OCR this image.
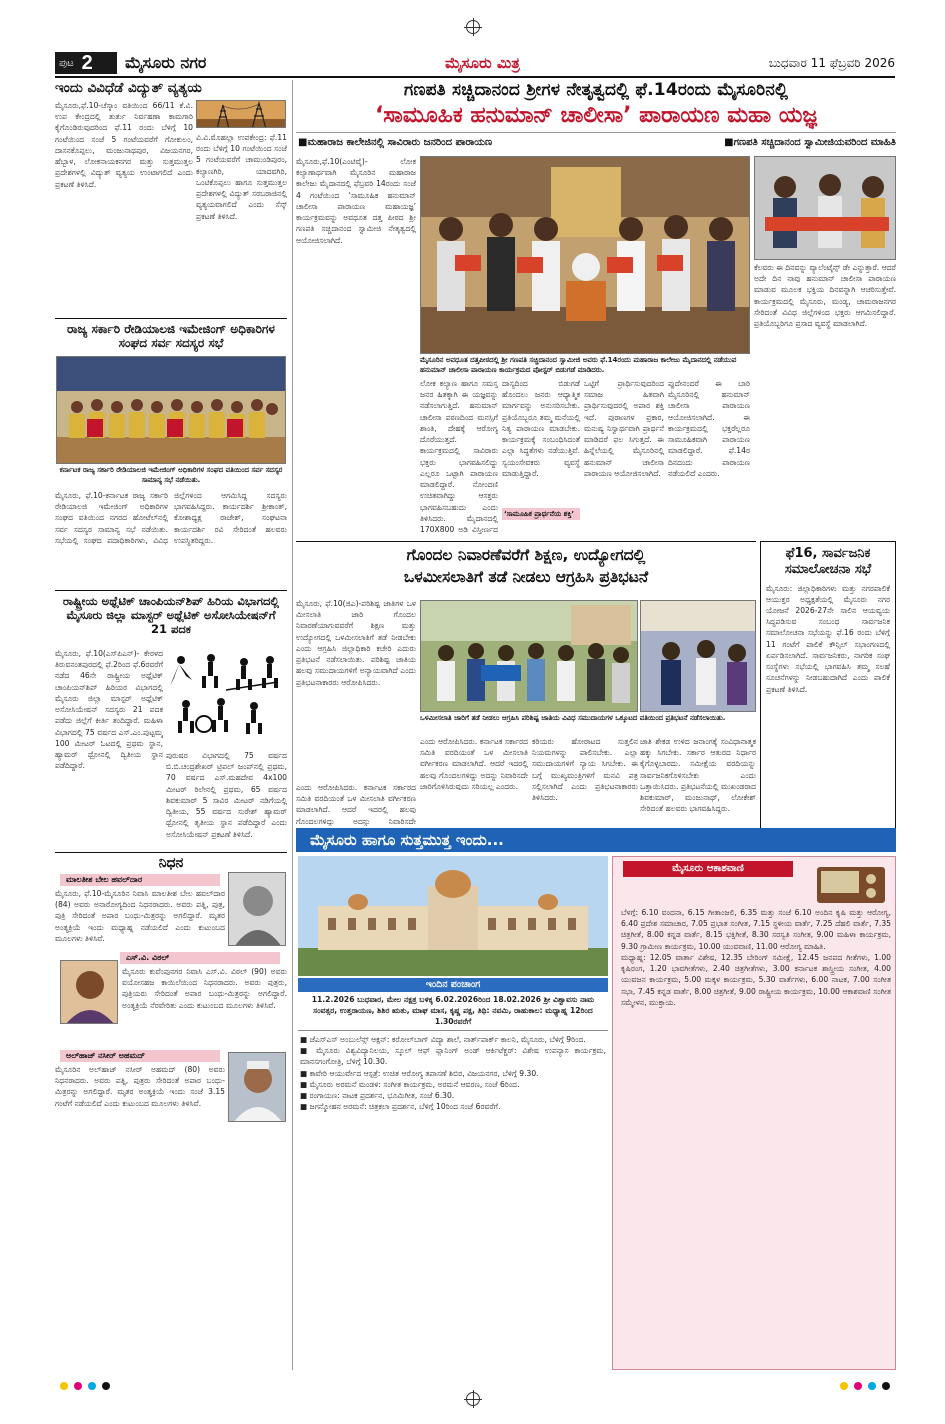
ಪುಟ 2 ಮೈಸೂರು ನಗರ	ಮೈಸೂರು ಮಿತ್ರ	ಬುಧವಾರ 11 ಫೆಬ್ರವರಿ 2026
ಇಂದು ವಿವಿಧೆಡೆ ವಿದ್ಯುತ್ ವ್ಯತ್ಯಯ
ಮೈಸೂರು,ಫೆ.10-ಚೆಸ್ಕಾಂ ವತಿಯಿಂದ 66/11 ಕೆ.ವಿ. ಉಪ ಕೇಂದ್ರದಲ್ಲಿ ತುರ್ತು ನಿರ್ವಹಣಾ ಕಾಮಗಾರಿ ಕೈಗೊಂಡಿರುವುದರಿಂದ ಫೆ.11 ರಂದು ಬೆಳಿಗ್ಗೆ 10 ಗಂಟೆಯಿಂದ ಸಂಜೆ 5 ಗಂಟೆಯವರೆಗೆ ಗೋಕುಲಂ, ದಾಸನಕೊಪ್ಪಲು, ಮಂಜುನಾಥಪುರ, ವಿಜಯನಗರ, ಹೆಬ್ಬಾಳ, ಲೋಕನಾಯಕನಗರ ಮತ್ತು ಸುತ್ತಮುತ್ತಲ ಪ್ರದೇಶಗಳಲ್ಲಿ ವಿದ್ಯುತ್ ವ್ಯತ್ಯಯ ಉಂಟಾಗಲಿದೆ ಎಂದು ಪ್ರಕಟಣೆ ತಿಳಿಸಿದೆ.
ವಿ.ವಿ.ಮೊಹಲ್ಲಾ ಉಪಕೇಂದ್ರ: ಫೆ.11 ರಂದು ಬೆಳಿಗ್ಗೆ 10 ಗಂಟೆಯಿಂದ ಸಂಜೆ 5 ಗಂಟೆಯವರೆಗೆ ಚಾಮುಂಡಿಪುರಂ, ಕಲ್ಯಾಣಗಿರಿ, ಯಾದವಗಿರಿ, ಒಂಟಿಕೊಪ್ಪಲು ಹಾಗೂ ಸುತ್ತಮುತ್ತಲ ಪ್ರದೇಶಗಳಲ್ಲಿ ವಿದ್ಯುತ್ ಸರಬರಾಜಿನಲ್ಲಿ ವ್ಯತ್ಯಯವಾಗಲಿದೆ ಎಂದು ಸೆಸ್ಕ್ ಪ್ರಕಟಣೆ ತಿಳಿಸಿದೆ.
ರಾಜ್ಯ ಸರ್ಕಾರಿ ರೇಡಿಯಾಲಜಿ ಇಮೇಜಿಂಗ್ ಅಧಿಕಾರಿಗಳ ಸಂಘದ ಸರ್ವ ಸದಸ್ಯರ ಸಭೆ
ಕರ್ನಾಟಕ ರಾಜ್ಯ ಸರ್ಕಾರಿ ರೇಡಿಯಾಲಜಿ ಇಮೇಜಿಂಗ್ ಅಧಿಕಾರಿಗಳ ಸಂಘದ ವತಿಯಿಂದ ಸರ್ವ ಸದಸ್ಯರ ಸಾಮಾನ್ಯ ಸಭೆ ನಡೆಯಿತು.
ಮೈಸೂರು, ಫೆ.10-ಕರ್ನಾಟಕ ರಾಜ್ಯ ಸರ್ಕಾರಿ ರೇಡಿಯಾಲಜಿ ಇಮೇಜಿಂಗ್ ಅಧಿಕಾರಿಗಳ ಸಂಘದ ವತಿಯಿಂದ ನಗರದ ಹೋಟೆಲ್‌ನಲ್ಲಿ ಸರ್ವ ಸದಸ್ಯರ ಸಾಮಾನ್ಯ ಸಭೆ ನಡೆಯಿತು. ಸಭೆಯಲ್ಲಿ ಸಂಘದ ಪದಾಧಿಕಾರಿಗಳು, ವಿವಿಧ ಜಿಲ್ಲೆಗಳಿಂದ ಆಗಮಿಸಿದ್ದ ಸದಸ್ಯರು ಭಾಗವಹಿಸಿದ್ದರು. ಕಾರ್ಯದರ್ಶಿ ಶ್ರೀಕಾಂತ್, ಕೋಶಾಧ್ಯಕ್ಷ ರಾಜೇಶ್, ಸಂಘಟನಾ ಕಾರ್ಯದರ್ಶಿ ರವಿ ಸೇರಿದಂತೆ ಹಲವರು ಉಪಸ್ಥಿತರಿದ್ದರು.
ರಾಷ್ಟ್ರೀಯ ಅಥ್ಲೆಟಿಕ್ ಚಾಂಪಿಯನ್‌ಶಿಪ್ ಹಿರಿಯ ವಿಭಾಗದಲ್ಲಿ ಮೈಸೂರು ಜಿಲ್ಲಾ ಮಾಸ್ಟರ್ ಅಥ್ಲೆಟಿಕ್ ಅಸೋಸಿಯೇಷನ್‌ಗೆ 21 ಪದಕ
ಮೈಸೂರು, ಫೆ.10(ಎಸ್‌ಪಿಎನ್)- ಕೇರಳದ ತಿರುವನಂತಪುರದಲ್ಲಿ ಫೆ.2ರಿಂದ ಫೆ.6ರವರೆಗೆ ನಡೆದ 46ನೇ ರಾಷ್ಟ್ರೀಯ ಅಥ್ಲೆಟಿಕ್ ಚಾಂಪಿಯನ್‌ಶಿಪ್ ಹಿರಿಯರ ವಿಭಾಗದಲ್ಲಿ ಮೈಸೂರು ಜಿಲ್ಲಾ ಮಾಸ್ಟರ್ ಅಥ್ಲೆಟಿಕ್ ಅಸೋಸಿಯೇಷನ್ ಸದಸ್ಯರು 21 ಪದಕ ಪಡೆದು ಜಿಲ್ಲೆಗೆ ಕೀರ್ತಿ ತಂದಿದ್ದಾರೆ. ಮಹಿಳಾ ವಿಭಾಗದಲ್ಲಿ 75 ವರ್ಷದ ಎಸ್.ಎಂ.ಪುಟ್ಟಮ್ಮ 100 ಮೀಟರ್ ಓಟದಲ್ಲಿ ಪ್ರಥಮ ಸ್ಥಾನ, ಹ್ಯಾಮರ್ ಥ್ರೋನಲ್ಲಿ ದ್ವಿತೀಯ ಸ್ಥಾನ ಪಡೆದಿದ್ದಾರೆ.
ಪುರುಷರ ವಿಭಾಗದಲ್ಲಿ 75 ವರ್ಷದ ಬಿ.ಬಿ.ಚಂದ್ರಶೇಖರ್ ಟ್ರಿಪಲ್ ಜಂಪ್‌ನಲ್ಲಿ ಪ್ರಥಮ, 70 ವರ್ಷದ ಎಸ್.ಮಹದೇವ 4x100 ಮೀಟರ್ ರಿಲೇನಲ್ಲಿ ಪ್ರಥಮ, 65 ವರ್ಷದ ಶಿವಕುಮಾರ್ 5 ಸಾವಿರ ಮೀಟರ್ ನಡಿಗೆಯಲ್ಲಿ ದ್ವಿತೀಯ, 55 ವರ್ಷದ ಸುರೇಶ್ ಹ್ಯಾಮರ್ ಥ್ರೋನಲ್ಲಿ ತೃತೀಯ ಸ್ಥಾನ ಪಡೆದಿದ್ದಾರೆ ಎಂದು ಅಸೋಸಿಯೇಷನ್ ಪ್ರಕಟಣೆ ತಿಳಿಸಿದೆ.
ನಿಧನ
ಮಾಲತೀಶ ಬೇಲ ಹವಲ್‌ದಾರ
ಮೈಸೂರು, ಫೆ.10-ಮೈಸೂರಿನ ನಿವಾಸಿ ಮಾಲತೀಶ ಬೇಲ ಹವಲ್‌ದಾರ (84) ಅವರು ಅನಾರೋಗ್ಯದಿಂದ ನಿಧನರಾದರು. ಅವರು ಪತ್ನಿ, ಪುತ್ರ, ಪುತ್ರಿ ಸೇರಿದಂತೆ ಅಪಾರ ಬಂಧು-ಮಿತ್ರರನ್ನು ಅಗಲಿದ್ದಾರೆ. ಮೃತರ ಅಂತ್ಯಕ್ರಿಯೆ ಇಂದು ಮಧ್ಯಾಹ್ನ ನಡೆಯಲಿದೆ ಎಂದು ಕುಟುಂಬದ ಮೂಲಗಳು ತಿಳಿಸಿವೆ.
ಎಸ್.ವಿ. ವಿಠಲ್
ಮೈಸೂರು ಕುವೆಂಪುನಗರ ನಿವಾಸಿ ಎಸ್.ವಿ. ವಿಠಲ್ (90) ಅವರು ವಯೋಸಹಜ ಕಾಯಿಲೆಯಿಂದ ನಿಧನರಾದರು. ಅವರು ಪುತ್ರರು, ಪುತ್ರಿಯರು ಸೇರಿದಂತೆ ಅಪಾರ ಬಂಧು-ಮಿತ್ರರನ್ನು ಅಗಲಿದ್ದಾರೆ. ಅಂತ್ಯಕ್ರಿಯೆ ನೆರವೇರಿತು ಎಂದು ಕುಟುಂಬದ ಮೂಲಗಳು ತಿಳಿಸಿವೆ.
ಅಲ್‌ಹಾಜ್ ನಸೀರ್ ಅಹಮದ್
ಮೈಸೂರಿನ ಅಲ್‌ಹಾಜ್ ನಸೀರ್ ಅಹಮದ್ (80) ಅವರು ನಿಧನರಾದರು. ಅವರು ಪತ್ನಿ, ಪುತ್ರರು ಸೇರಿದಂತೆ ಅಪಾರ ಬಂಧು-ಮಿತ್ರರನ್ನು ಅಗಲಿದ್ದಾರೆ. ಮೃತರ ಅಂತ್ಯಕ್ರಿಯೆ ಇಂದು ಸಂಜೆ 3.15 ಗಂಟೆಗೆ ನಡೆಯಲಿದೆ ಎಂದು ಕುಟುಂಬದ ಮೂಲಗಳು ತಿಳಿಸಿವೆ.
ಗಣಪತಿ ಸಚ್ಚಿದಾನಂದ ಶ್ರೀಗಳ ನೇತೃತ್ವದಲ್ಲಿ ಫೆ.14ರಂದು ಮೈಸೂರಿನಲ್ಲಿ
‘ಸಾಮೂಹಿಕ ಹನುಮಾನ್ ಚಾಲೀಸಾ’ ಪಾರಾಯಣ ಮಹಾ ಯಜ್ಞ
■ಮಹಾರಾಜ ಕಾಲೇಜಿನಲ್ಲಿ ಸಾವಿರಾರು ಜನರಿಂದ ಪಾರಾಯಣ	■ಗಣಪತಿ ಸಚ್ಚಿದಾನಂದ ಸ್ವಾಮೀಜಿಯವರಿಂದ ಮಾಹಿತಿ
ಮೈಸೂರು,ಫೆ.10(ಎಂಟಿವೈ)- ಲೋಕ ಕಲ್ಯಾಣಾರ್ಥವಾಗಿ ಮೈಸೂರಿನ ಮಹಾರಾಜ ಕಾಲೇಜು ಮೈದಾನದಲ್ಲಿ ಫೆಬ್ರವರಿ 14ರಂದು ಸಂಜೆ 4 ಗಂಟೆಯಿಂದ ‘ಸಾಮೂಹಿಕ ಹನುಮಾನ್ ಚಾಲೀಸಾ ಪಾರಾಯಣ ಮಹಾಯಜ್ಞ’ ಕಾರ್ಯಕ್ರಮವನ್ನು ಅವಧೂತ ದತ್ತ ಪೀಠದ ಶ್ರೀ ಗಣಪತಿ ಸಚ್ಚಿದಾನಂದ ಸ್ವಾಮೀಜಿ ನೇತೃತ್ವದಲ್ಲಿ ಆಯೋಜಿಸಲಾಗಿದೆ.
ಮೈಸೂರಿನ ಅವಧೂತ ದತ್ತಪೀಠದಲ್ಲಿ ಶ್ರೀ ಗಣಪತಿ ಸಚ್ಚಿದಾನಂದ ಸ್ವಾಮೀಜಿ ಅವರು ಫೆ.14ರಂದು ಮಹಾರಾಜ ಕಾಲೇಜು ಮೈದಾನದಲ್ಲಿ ನಡೆಯುವ ಹನುಮಾನ್ ಚಾಲೀಸಾ ಪಾರಾಯಣ ಕಾರ್ಯಕ್ರಮದ ಪೋಸ್ಟರ್ ಬಿಡುಗಡೆ ಮಾಡಿದರು.
ಕೆಲವರು ಈ ದಿನವನ್ನು ವ್ಯಾಲೆಂಟೈನ್ಸ್ ಡೇ ಎನ್ನುತ್ತಾರೆ. ಆದರೆ ಅದೇ ದಿನ ನಾವು ಹನುಮಾನ್ ಚಾಲೀಸಾ ಪಾರಾಯಣ ಮಾಡುವ ಮೂಲಕ ಭಕ್ತಿಯ ದಿನವನ್ನಾಗಿ ಆಚರಿಸುತ್ತೇವೆ. ಕಾರ್ಯಕ್ರಮದಲ್ಲಿ ಮೈಸೂರು, ಮಂಡ್ಯ, ಚಾಮರಾಜನಗರ ಸೇರಿದಂತೆ ವಿವಿಧ ಜಿಲ್ಲೆಗಳಿಂದ ಭಕ್ತರು ಆಗಮಿಸಲಿದ್ದಾರೆ. ಪ್ರತಿಯೊಬ್ಬರಿಗೂ ಪ್ರಸಾದ ವ್ಯವಸ್ಥೆ ಮಾಡಲಾಗಿದೆ.
ಲೋಕ ಕಲ್ಯಾಣ ಹಾಗೂ ಸಮಸ್ತ ಜನರ ಹಿತಕ್ಕಾಗಿ ಈ ಯಜ್ಞವನ್ನು ನಡೆಸಲಾಗುತ್ತಿದೆ. ಹನುಮಾನ್ ಚಾಲೀಸಾ ಪಠಣದಿಂದ ಮನಸ್ಸಿಗೆ ಶಾಂತಿ, ದೇಹಕ್ಕೆ ಆರೋಗ್ಯ ದೊರೆಯುತ್ತದೆ. ಕಾರ್ಯಕ್ರಮದಲ್ಲಿ ಸಾವಿರಾರು ಭಕ್ತರು ಭಾಗವಹಿಸಲಿದ್ದು ಎಲ್ಲರೂ ಒಟ್ಟಾಗಿ ಪಾರಾಯಣ ಮಾಡಲಿದ್ದಾರೆ. ನೋಂದಣಿ ಉಚಿತವಾಗಿದ್ದು ಆಸಕ್ತರು ಭಾಗವಹಿಸಬಹುದು ಎಂದು ತಿಳಿಸಿದರು. ಮೈದಾನದಲ್ಲಿ 170X800 ಅಡಿ ವಿಸ್ತೀರ್ಣದ
ದಾಸ್ಯದಿಂದ ಬಿಡುಗಡೆ ಹೊಂದಲು ಜನರು ಆಧ್ಯಾತ್ಮಿಕ ಮಾರ್ಗವನ್ನು ಅನುಸರಿಸಬೇಕು. ಪ್ರತಿಯೊಬ್ಬರೂ ತಮ್ಮ ಮನೆಯಲ್ಲಿ ನಿತ್ಯ ಪಾರಾಯಣ ಮಾಡಬೇಕು. ಕಾರ್ಯಕ್ರಮಕ್ಕೆ ಸಂಬಂಧಿಸಿದಂತೆ ಎಲ್ಲಾ ಸಿದ್ಧತೆಗಳು ನಡೆಯುತ್ತಿವೆ. ಸ್ವಯಂಸೇವಕರು ವ್ಯವಸ್ಥೆ ಮಾಡುತ್ತಿದ್ದಾರೆ.
‘ಸಾಮೂಹಿಕ ಪ್ರಾರ್ಥನೆಯ ಶಕ್ತಿ’
ಒಟ್ಟಿಗೆ ಪ್ರಾರ್ಥಿಸುವುದರಿಂದ ಸಮಾಜ ಹಿತವಾಗಿ ಪ್ರಾರ್ಥಿಸುವುದರಲ್ಲಿ ಅಪಾರ ಶಕ್ತಿ ಇದೆ. ಪುರಾಣಗಳ ಪ್ರಕಾರ, ಮನುಷ್ಯ ನಿಸ್ವಾರ್ಥವಾಗಿ ಪ್ರಾರ್ಥನೆ ಮಾಡಿದರೆ ಫಲ ಸಿಗುತ್ತದೆ. ಈ ಹಿನ್ನೆಲೆಯಲ್ಲಿ ಮೈಸೂರಿನಲ್ಲಿ ಹನುಮಾನ್ ಚಾಲೀಸಾ ಪಾರಾಯಣ ಆಯೋಜಿಸಲಾಗಿದೆ.
ಪ್ಪುದೇನಂದರೆ ಈ ಬಾರಿ ಮೈಸೂರಿನಲ್ಲಿ ಹನುಮಾನ್ ಚಾಲೀಸಾ ಪಾರಾಯಣ ಆಯೋಜಿಸಲಾಗಿದೆ. ಈ ಕಾರ್ಯಕ್ರಮದಲ್ಲಿ ಭಕ್ತರೆಲ್ಲರೂ ಸಾಮೂಹಿಕವಾಗಿ ಪಾರಾಯಣ ಮಾಡಲಿದ್ದಾರೆ. ಫೆ.14ರ ದಿನದಂದು ಪಾರಾಯಣ ನಡೆಯಲಿದೆ ಎಂದರು.
ಗೊಂದಲ ನಿವಾರಣೆವರೆಗೆ ಶಿಕ್ಷಣ, ಉದ್ಯೋಗದಲ್ಲಿ
ಒಳಮೀಸಲಾತಿಗೆ ತಡೆ ನೀಡಲು ಆಗ್ರಹಿಸಿ ಪ್ರತಿಭಟನೆ
ಮೈಸೂರು, ಫೆ.10(ಜಿಎ)-ಪರಿಶಿಷ್ಟ ಜಾತಿಗಳ ಒಳ ಮೀಸಲಾತಿ ಜಾರಿ ಗೊಂದಲ ನಿವಾರಣೆಯಾಗುವವರೆಗೆ ಶಿಕ್ಷಣ ಮತ್ತು ಉದ್ಯೋಗದಲ್ಲಿ ಒಳಮೀಸಲಾತಿಗೆ ತಡೆ ನೀಡಬೇಕು ಎಂದು ಆಗ್ರಹಿಸಿ ಜಿಲ್ಲಾಧಿಕಾರಿ ಕಚೇರಿ ಎದುರು ಪ್ರತಿಭಟನೆ ನಡೆಸಲಾಯಿತು. ಪರಿಶಿಷ್ಟ ಜಾತಿಯ ಹಲವು ಸಮುದಾಯಗಳಿಗೆ ಅನ್ಯಾಯವಾಗಿದೆ ಎಂದು ಪ್ರತಿಭಟನಾಕಾರರು ಆರೋಪಿಸಿದರು.
ಒಳಮೀಸಲಾತಿ ಜಾರಿಗೆ ತಡೆ ನೀಡಲು ಆಗ್ರಹಿಸಿ ಪರಿಶಿಷ್ಟ ಜಾತಿಯ ವಿವಿಧ ಸಮುದಾಯಗಳ ಒಕ್ಕೂಟದ ವತಿಯಿಂದ ಪ್ರತಿಭಟನೆ ನಡೆಸಲಾಯಿತು.
ಎಂದು ಆರೋಪಿಸಿದರು. ಕರ್ನಾಟಕ ಸರ್ಕಾರದ ಸಮಿತಿ ವರದಿಯಂತೆ ಒಳ ಮೀಸಲಾತಿ ವರ್ಗೀಕರಣ ಮಾಡಲಾಗಿದೆ. ಆದರೆ ಇದರಲ್ಲಿ ಹಲವು ಗೊಂದಲಗಳಿದ್ದು ಅದನ್ನು ನಿವಾರಿಸದೇ ಜಾರಿಗೊಳಿಸಿರುವುದು ಸರಿಯಲ್ಲ ಎಂದರು.
ಕರಿಯರು ಹೋರಾಟದ ಸುತ್ತಲಿನ ನಿಯಮಗಳನ್ನು ಪಾಲಿಸಬೇಕು. ಎಲ್ಲಾ ಸಮುದಾಯಗಳಿಗೆ ನ್ಯಾಯ ಸಿಗಬೇಕು. ಈ ಬಗ್ಗೆ ಮುಖ್ಯಮಂತ್ರಿಗಳಿಗೆ ಮನವಿ ಪತ್ರ ಸಲ್ಲಿಸಲಾಗಿದೆ ಎಂದು ಪ್ರತಿಭಟನಾಕಾರರು ತಿಳಿಸಿದರು.
ಜಾತಿ ಶೇಕಡ ಉಳಿದ ಜನಾಂಗಕ್ಕೆ ಸಂವಿಧಾನಾತ್ಮಕ ಹಕ್ಕು ಸಿಗಬೇಕು. ಸರ್ಕಾರ ಆತುರದ ನಿರ್ಧಾರ ಕೈಗೊಳ್ಳಬಾರದು. ಸಮೀಕ್ಷೆಯ ವರದಿಯನ್ನು ಸಾರ್ವಜನಿಕಗೊಳಿಸಬೇಕು ಎಂದು ಒತ್ತಾಯಿಸಿದರು. ಪ್ರತಿಭಟನೆಯಲ್ಲಿ ಮುಖಂಡರಾದ ಶಿವಕುಮಾರ್, ಮಂಜುನಾಥ್, ಲೋಕೇಶ್ ಸೇರಿದಂತೆ ಹಲವರು ಭಾಗವಹಿಸಿದ್ದರು.
ಎಂದು ಆರೋಪಿಸಿದರು. ಕರ್ನಾಟಕ ಸರ್ಕಾರದ ಸಮಿತಿ ವರದಿಯಂತೆ ಒಳ ಮೀಸಲಾತಿ ವರ್ಗೀಕರಣ ಮಾಡಲಾಗಿದೆ. ಆದರೆ ಇದರಲ್ಲಿ ಹಲವು ಗೊಂದಲಗಳಿದ್ದು ಅದನ್ನು ನಿವಾರಿಸದೇ
ಫೆ16, ಸಾರ್ವಜನಿಕ ಸಮಾಲೋಚನಾ ಸಭೆ
ಮೈಸೂರು: ಜಿಲ್ಲಾಧಿಕಾರಿಗಳು ಮತ್ತು ನಗರಪಾಲಿಕೆ ಆಯುಕ್ತರ ಅಧ್ಯಕ್ಷತೆಯಲ್ಲಿ ಮೈಸೂರು ನಗರ ಯೋಜನೆ 2026-27ನೇ ಸಾಲಿನ ಆಯವ್ಯಯ ಸಿದ್ಧಪಡಿಸುವ ಸಂಬಂಧ ಸಾರ್ವಜನಿಕ ಸಮಾಲೋಚನಾ ಸಭೆಯನ್ನು ಫೆ.16 ರಂದು ಬೆಳಿಗ್ಗೆ 11 ಗಂಟೆಗೆ ಪಾಲಿಕೆ ಕೌನ್ಸಿಲ್ ಸಭಾಂಗಣದಲ್ಲಿ ಏರ್ಪಡಿಸಲಾಗಿದೆ. ಸಾರ್ವಜನಿಕರು, ನಾಗರಿಕ ಸಂಘ ಸಂಸ್ಥೆಗಳು ಸಭೆಯಲ್ಲಿ ಭಾಗವಹಿಸಿ ತಮ್ಮ ಸಲಹೆ ಸೂಚನೆಗಳನ್ನು ನೀಡಬಹುದಾಗಿದೆ ಎಂದು ಪಾಲಿಕೆ ಪ್ರಕಟಣೆ ತಿಳಿಸಿದೆ.
ಮೈಸೂರು ಹಾಗೂ ಸುತ್ತಮುತ್ತ ಇಂದು...
ಮೈಸೂರು ಆಕಾಶವಾಣಿ
ಬೆಳಗ್ಗೆ: 6.10 ವಂದನಾ, 6.15 ಗೀತಾಂಜಲಿ, 6.35 ಮತ್ತು ಸಂಜೆ 6.10 ಅಂದಿನ ಕೃಷಿ ಮತ್ತು ಆರೋಗ್ಯ, 6.40 ಪ್ರದೇಶ ಸಮಾಚಾರ, 7.05 ಪ್ರಭಾತ ಸಂಗೀತ, 7.15 ಸ್ಥಳೀಯ ವಾರ್ತೆ, 7.25 ದೆಹಲಿ ವಾರ್ತೆ, 7.35 ಚಿತ್ರಗೀತೆ, 8.00 ಕನ್ನಡ ವಾರ್ತೆ, 8.15 ಭಕ್ತಿಗೀತೆ, 8.30 ಸರಸ್ವತಿ ಸಂಗೀತ, 9.00 ಮಹಿಳಾ ಕಾರ್ಯಕ್ರಮ, 9.30 ಗ್ರಾಮೀಣ ಕಾರ್ಯಕ್ರಮ, 10.00 ಯುವವಾಣಿ, 11.00 ಆರೋಗ್ಯ ಮಾಹಿತಿ.
ಮಧ್ಯಾಹ್ನ: 12.05 ವಾರ್ತಾ ವಿಶೇಷ, 12.35 ಬೇರಿಂಗ್ ಸಮೀಕ್ಷೆ, 12.45 ಜನಪದ ಗೀತೆಗಳು, 1.00 ಕೃಷಿರಂಗ, 1.20 ಭಾವಗೀತೆಗಳು, 2.40 ಚಿತ್ರಗೀತೆಗಳು, 3.00 ಕರ್ನಾಟಕ ಶಾಸ್ತ್ರೀಯ ಸಂಗೀತ, 4.00 ಯುವಜನ ಕಾರ್ಯಕ್ರಮ, 5.00 ಮಕ್ಕಳ ಕಾರ್ಯಕ್ರಮ, 5.30 ವಾರ್ತೆಗಳು, 6.00 ನಾಟಕ, 7.00 ಸಂಗೀತ ಸಭಾ, 7.45 ಕನ್ನಡ ವಾರ್ತೆ, 8.00 ಚಿತ್ರಗೀತೆ, 9.00 ರಾಷ್ಟ್ರೀಯ ಕಾರ್ಯಕ್ರಮ, 10.00 ಆಕಾಶವಾಣಿ ಸಂಗೀತ ಸಮ್ಮೇಳನ, ಮುಕ್ತಾಯ.
ಇಂದಿನ ಪಂಚಾಂಗ
11.2.2026 ಬುಧವಾರ, ಮೇಲ ನಕ್ಷತ್ರ ಬಳಿಕ್ಕ 6.02.2026ರಿಂದ 18.02.2026 ಶ್ರೀ ವಿಶ್ವಾವಸು ನಾಮ ಸಂವತ್ಸರ, ಉತ್ತರಾಯಣ, ಶಿಶಿರ ಋತು, ಮಾಘ ಮಾಸ, ಕೃಷ್ಣ ಪಕ್ಷ, ತಿಥಿ: ನವಮಿ, ರಾಹುಕಾಲ: ಮಧ್ಯಾಹ್ನ 12ರಿಂದ 1.30ರವರೆಗೆ
■ ಜೆಎಸ್‌ಎಸ್ ಅಂಬುಲೆನ್ಸ್ ಆಕ್ಷನ್: ಕರೋಲ್‌ಬಾಗ್ ವಿದ್ಯಾ ಶಾಲೆ, ನಾರ್ತ್‌ಪಾರ್ಕ್ ಕಾಲನಿ, ಮೈಸೂರು, ಬೆಳಿಗ್ಗೆ 9ರಿಂದ.
■ ಮೈಸೂರು ವಿಶ್ವವಿದ್ಯಾನಿಲಯ, ಸ್ಕೂಲ್ ಆಫ್ ಪ್ಲಾನಿಂಗ್ ಅಂಡ್ ಆರ್ಕಿಟೆಕ್ಚರ್: ವಿಶೇಷ ಉಪನ್ಯಾಸ ಕಾರ್ಯಕ್ರಮ, ಮಾನಸಗಂಗೋತ್ರಿ, ಬೆಳಿಗ್ಗೆ 10.30.
■ ಕಾವೇರಿ ಆಯುರ್ವೇದ ಆಸ್ಪತ್ರೆ: ಉಚಿತ ಆರೋಗ್ಯ ತಪಾಸಣೆ ಶಿಬಿರ, ವಿಜಯನಗರ, ಬೆಳಿಗ್ಗೆ 9.30.
■ ಮೈಸೂರು ಅರಮನೆ ಮಂಡಳಿ: ಸಂಗೀತ ಕಾರ್ಯಕ್ರಮ, ಅರಮನೆ ಆವರಣ, ಸಂಜೆ 6ರಿಂದ.
■ ರಂಗಾಯಣ: ನಾಟಕ ಪ್ರದರ್ಶನ, ಭೂಮಿಗೀತ, ಸಂಜೆ 6.30.
■ ಜಗನ್ಮೋಹನ ಅರಮನೆ: ಚಿತ್ರಕಲಾ ಪ್ರದರ್ಶನ, ಬೆಳಿಗ್ಗೆ 10ರಿಂದ ಸಂಜೆ 6ರವರೆಗೆ.
